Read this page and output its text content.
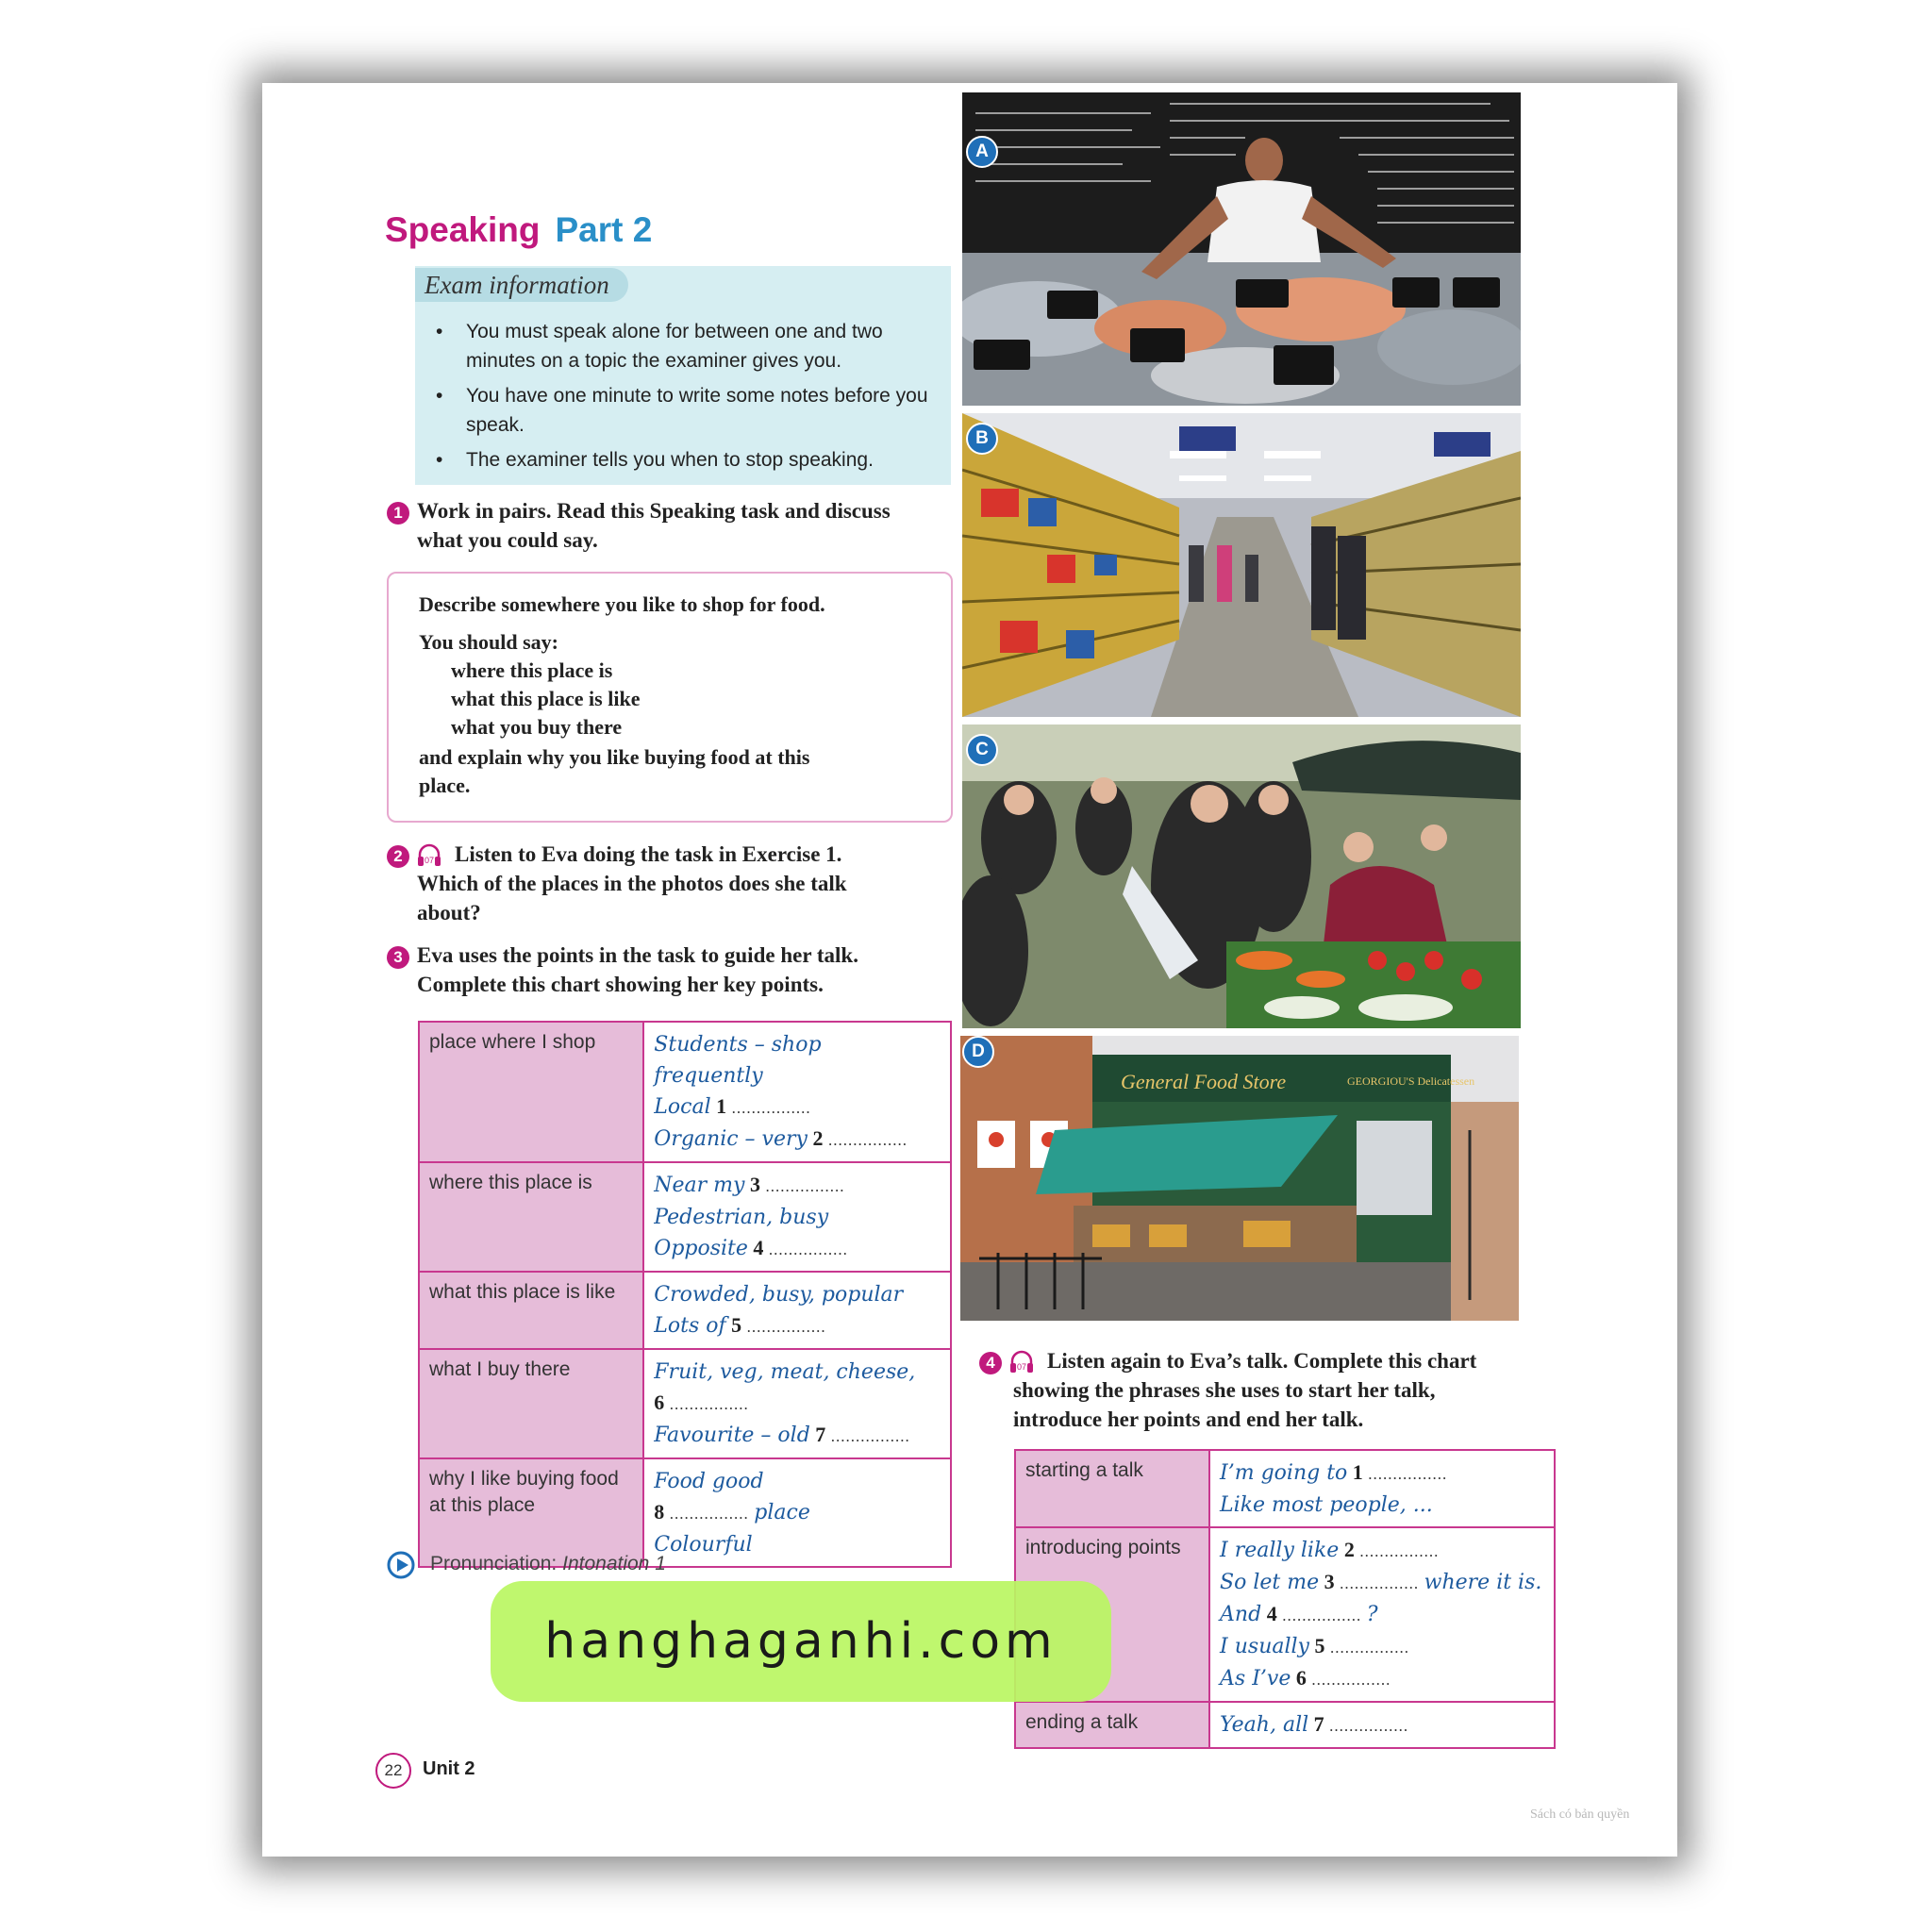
Speaking Part 2
Exam information
• You must speak alone for between one and two minutes on a topic the examiner gives you.
• You have one minute to write some notes before you speak.
• The examiner tells you when to stop speaking.
1 Work in pairs. Read this Speaking task and discuss what you could say.
Describe somewhere you like to shop for food.
You should say:
where this place is
what this place is like
what you buy there
and explain why you like buying food at this
place.
2	07 Listen to Eva doing the task in Exercise 1.
Which of the places in the photos does she talk
about?
3 Eva uses the points in the task to guide her talk.
Complete this chart showing her key points.
place where I shop	Students – shop
frequently
Local 1 ................
Organic – very 2 ................

where this place is	Near my 3 ................
Pedestrian, busy
Opposite 4 ................

what this place is like	Crowded, busy, popular
Lots of 5 ................

what I buy there	Fruit, veg, meat, cheese,
6 ................
Favourite – old 7 ................

why I like buying food at this place	Food good
8 ................ place
Colourful
Pronunciation: Intonation 1
A
B
C
General Food Store	GEORGIOU'S Delicatessen
D
4	07 Listen again to Eva’s talk. Complete this chart
showing the phrases she uses to start her talk,
introduce her points and end her talk.
starting a talk	I’m going to 1 ................
Like most people, ...

introducing points	I really like 2 ................
So let me 3 ................ where it is.
And 4 ................ ?
I usually 5 ................
As I’ve 6 ................

ending a talk	Yeah, all 7 ................
hanghaganhi.com
22	Unit 2
Sách có bản quyền
